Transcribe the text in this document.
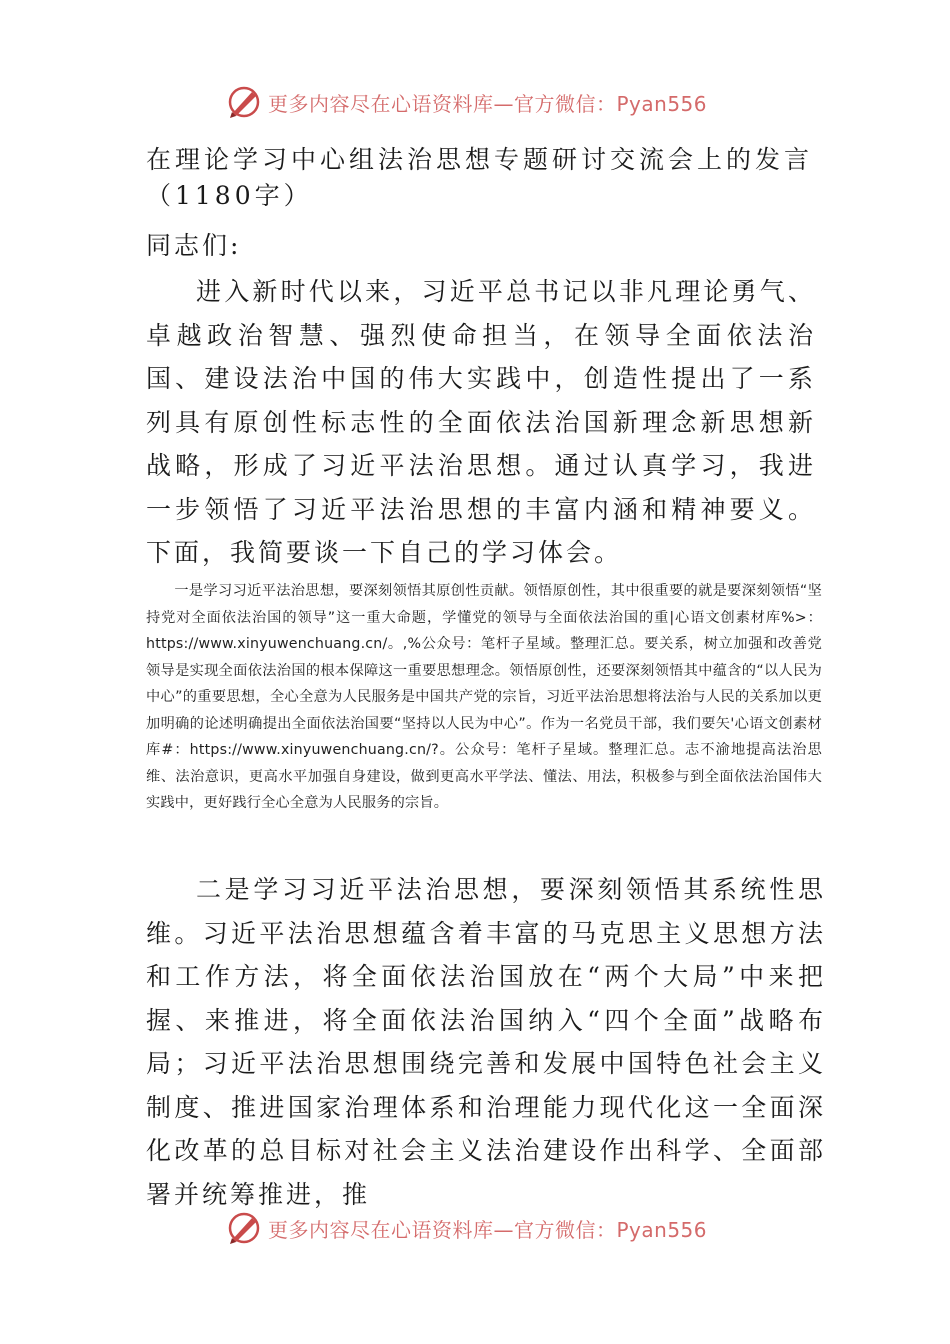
更多内容尽在心语资料库—官方微信：Pyan556
在理论学习中心组法治思想专题研讨交流会上的发言（1180字）

同志们:

进入新时代以来，习近平总书记以非凡理论勇气、卓越政治智慧、强烈使命担当，在领导全面依法治国、建设法治中国的伟大实践中，创造性提出了一系列具有原创性标志性的全面依法治国新理念新思想新战略，形成了习近平法治思想。通过认真学习，我进一步领悟了习近平法治思想的丰富内涵和精神要义。下面，我简要谈一下自己的学习体会。

一是学习习近平法治思想，要深刻领悟其原创性贡献。领悟原创性，其中很重要的就是要深刻领悟“坚持党对全面依法治国的领导”这一重大命题，学懂党的领导与全面依法治国的重|心语文创素材库%>：https://www.xinyuwenchuang.cn/。,%公众号：笔杆子星域。整理汇总。要关系，树立加强和改善党领导是实现全面依法治国的根本保障这一重要思想理念。领悟原创性，还要深刻领悟其中蕴含的“以人民为中心”的重要思想，全心全意为人民服务是中国共产党的宗旨，习近平法治思想将法治与人民的关系加以更加明确的论述明确提出全面依法治国要“坚持以人民为中心”。作为一名党员干部，我们要矢'心语文创素材库#：https://www.xinyuwenchuang.cn/?。公众号：笔杆子星域。整理汇总。志不渝地提高法治思维、法治意识，更高水平加强自身建设，做到更高水平学法、懂法、用法，积极参与到全面依法治国伟大实践中，更好践行全心全意为人民服务的宗旨。

二是学习习近平法治思想，要深刻领悟其系统性思维。习近平法治思想蕴含着丰富的马克思主义思想方法和工作方法，将全面依法治国放在“两个大局”中来把握、来推进，将全面依法治国纳入“四个全面”战略布局；习近平法治思想围绕完善和发展中国特色社会主义制度、推进国家治理体系和治理能力现代化这一全面深化改革的总目标对社会主义法治建设作出科学、全面部署并统筹推进，推

更多内容尽在心语资料库—官方微信：Pyan556
